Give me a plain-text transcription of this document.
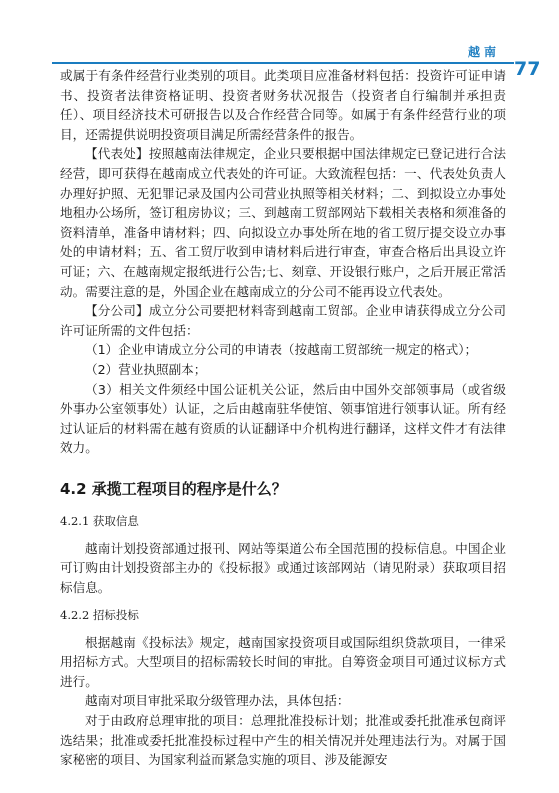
越南
77

或属于有条件经营行业类别的项目。此类项目应准备材料包括：投资许可证申请书、投资者法律资格证明、投资者财务状况报告（投资者自行编制并承担责任）、项目经济技术可研报告以及合作经营合同等。如属于有条件经营行业的项目，还需提供说明投资项目满足所需经营条件的报告。

【代表处】按照越南法律规定，企业只要根据中国法律规定已登记进行合法经营，即可获得在越南成立代表处的许可证。大致流程包括：一、代表处负责人办理好护照、无犯罪记录及国内公司营业执照等相关材料；二、到拟设立办事处地租办公场所，签订租房协议；三、到越南工贸部网站下载相关表格和须准备的资料清单，准备申请材料；四、向拟设立办事处所在地的省工贸厅提交设立办事处的申请材料；五、省工贸厅收到申请材料后进行审查，审查合格后出具设立许可证；六、在越南规定报纸进行公告;七、刻章、开设银行账户，之后开展正常活动。需要注意的是，外国企业在越南成立的分公司不能再设立代表处。

【分公司】成立分公司要把材料寄到越南工贸部。企业申请获得成立分公司许可证所需的文件包括：

（1）企业申请成立分公司的申请表（按越南工贸部统一规定的格式）；

（2）营业执照副本；

（3）相关文件须经中国公证机关公证，然后由中国外交部领事局（或省级外事办公室领事处）认证，之后由越南驻华使馆、领事馆进行领事认证。所有经过认证后的材料需在越有资质的认证翻译中介机构进行翻译，这样文件才有法律效力。

4.2 承揽工程项目的程序是什么？

4.2.1 获取信息

越南计划投资部通过报刊、网站等渠道公布全国范围的投标信息。中国企业可订购由计划投资部主办的《投标报》或通过该部网站（请见附录）获取项目招标信息。

4.2.2 招标投标

根据越南《投标法》规定，越南国家投资项目或国际组织贷款项目，一律采用招标方式。大型项目的招标需较长时间的审批。自筹资金项目可通过议标方式进行。

越南对项目审批采取分级管理办法，具体包括：

对于由政府总理审批的项目：总理批准投标计划；批准或委托批准承包商评选结果；批准或委托批准投标过程中产生的相关情况并处理违法行为。对属于国家秘密的项目、为国家利益而紧急实施的项目、涉及能源安
